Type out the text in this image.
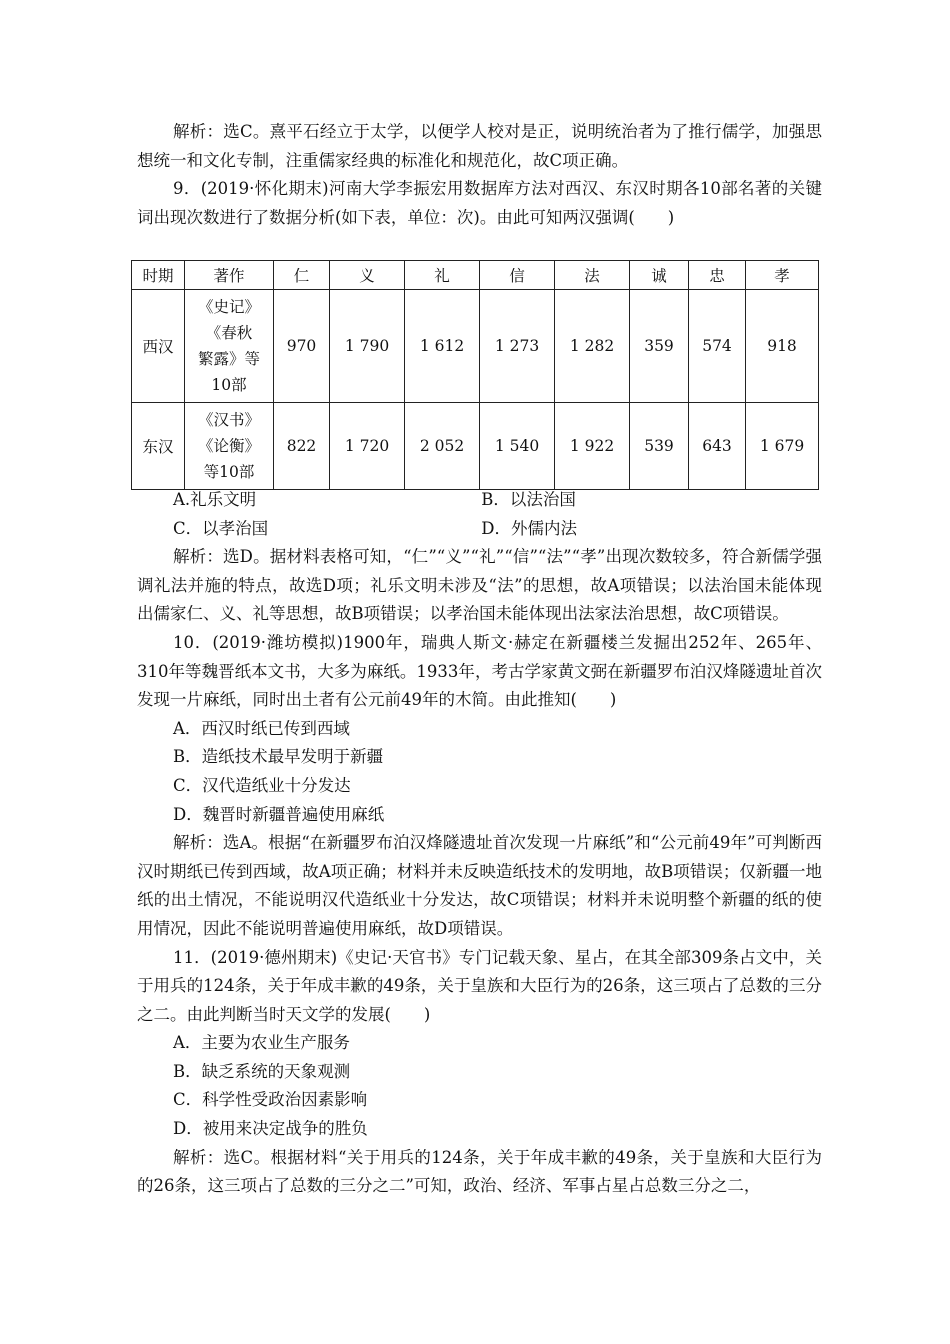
解析：选C。熹平石经立于太学，以便学人校对是正，说明统治者为了推行儒学，加强思想统一和文化专制，注重儒家经典的标准化和规范化，故C项正确。

9．(2019·怀化期末)河南大学李振宏用数据库方法对西汉、东汉时期各10部名著的关键词出现次数进行了数据分析(如下表，单位：次)。由此可知两汉强调(　　)

时期	著作	仁	义	礼	信	法	诚	忠	孝
西汉	《史记》
《春秋
繁露》等
10部	970	1 790	1 612	1 273	1 282	359	574	918
东汉	《汉书》
《论衡》
等10部	822	1 720	2 052	1 540	1 922	539	643	1 679
A.礼乐文明	B．以法治国
C．以孝治国	D．外儒内法

解析：选D。据材料表格可知，“仁”“义”“礼”“信”“法”“孝”出现次数较多，符合新儒学强调礼法并施的特点，故选D项；礼乐文明未涉及“法”的思想，故A项错误；以法治国未能体现出儒家仁、义、礼等思想，故B项错误；以孝治国未能体现出法家法治思想，故C项错误。

10．(2019·潍坊模拟)1900年，瑞典人斯文·赫定在新疆楼兰发掘出252年、265年、310年等魏晋纸本文书，大多为麻纸。1933年，考古学家黄文弼在新疆罗布泊汉烽隧遗址首次发现一片麻纸，同时出土者有公元前49年的木简。由此推知(　　)

A．西汉时纸已传到西域

B．造纸技术最早发明于新疆

C．汉代造纸业十分发达

D．魏晋时新疆普遍使用麻纸

解析：选A。根据“在新疆罗布泊汉烽隧遗址首次发现一片麻纸”和“公元前49年”可判断西汉时期纸已传到西域，故A项正确；材料并未反映造纸技术的发明地，故B项错误；仅新疆一地纸的出土情况，不能说明汉代造纸业十分发达，故C项错误；材料并未说明整个新疆的纸的使用情况，因此不能说明普遍使用麻纸，故D项错误。

11．(2019·德州期末)《史记·天官书》专门记载天象、星占，在其全部309条占文中，关于用兵的124条，关于年成丰歉的49条，关于皇族和大臣行为的26条，这三项占了总数的三分之二。由此判断当时天文学的发展(　　)

A．主要为农业生产服务

B．缺乏系统的天象观测

C．科学性受政治因素影响

D．被用来决定战争的胜负

解析：选C。根据材料“关于用兵的124条，关于年成丰歉的49条，关于皇族和大臣行为的26条，这三项占了总数的三分之二”可知，政治、经济、军事占星占总数三分之二，
